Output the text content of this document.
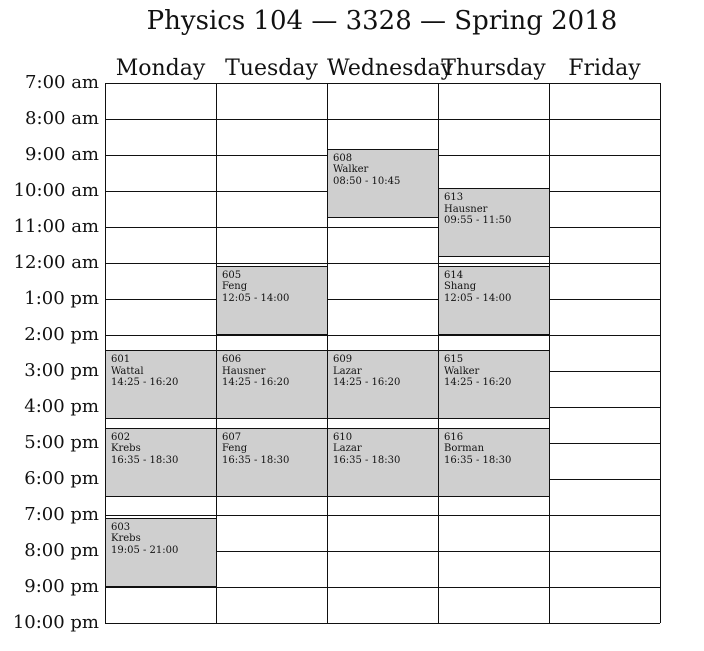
Physics 104 — 3328 — Spring 2018
Monday Tuesday Wednesday
Thursday	Friday
7:00 am
8:00 am
9:00 am
10:00 am
11:00 am
12:00 am
1:00 pm
2:00 pm
3:00 pm
4:00 pm
5:00 pm
6:00 pm
7:00 pm
8:00 pm
9:00 pm
10:00 pm
608
Walker
08:50 - 10:45
613
Hausner
09:55 - 11:50
605
Feng
12:05 - 14:00
614
Shang
12:05 - 14:00
601
Wattal
14:25 - 16:20
606
Hausner
14:25 - 16:20
609
Lazar
14:25 - 16:20
615
Walker
14:25 - 16:20
602
Krebs
16:35 - 18:30
607
Feng
16:35 - 18:30
610
Lazar
16:35 - 18:30
616
Borman
16:35 - 18:30
603
Krebs
19:05 - 21:00
